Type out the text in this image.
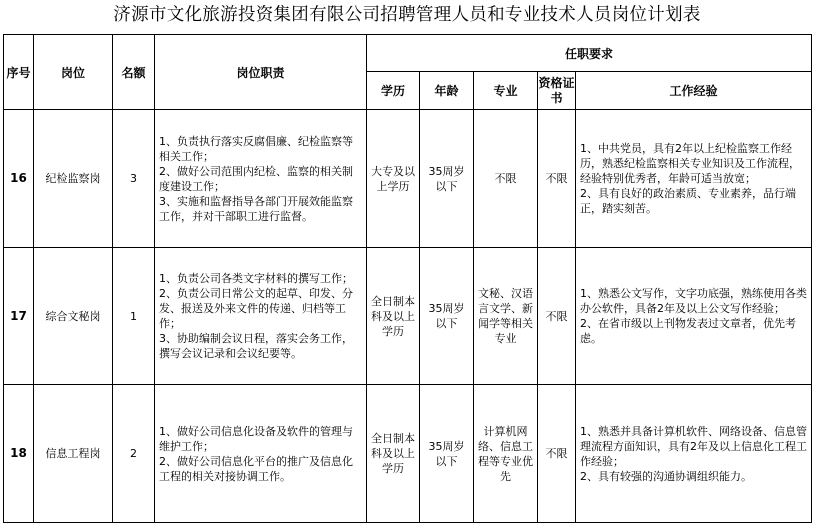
济源市文化旅游投资集团有限公司招聘管理人员和专业技术人员岗位计划表
序号	岗位	名额	岗位职责	任职要求				
				学历	年龄	专业	资格证书	工作经验
16	纪检监察岗	3	1、负责执行落实反腐倡廉、纪检监察等相关工作；
2、做好公司范围内纪检、监察的相关制度建设工作；
3、实施和监督指导各部门开展效能监察工作，并对干部职工进行监督。	大专及以上学历	35周岁以下	不限	不限	1、中共党员，具有2年以上纪检监察工作经历，熟悉纪检监察相关专业知识及工作流程，经验特别优秀者，年龄可适当放宽；
2、具有良好的政治素质、专业素养，品行端正，踏实刻苦。

17	综合文秘岗	1	1、负责公司各类文字材料的撰写工作；
2、负责公司日常公文的起草、印发、分发、报送及外来文件的传递、归档等工作；
3、协助编制会议日程，落实会务工作，撰写会议记录和会议纪要等。	全日制本科及以上学历	35周岁以下	文秘、汉语言文学、新闻学等相关专业	不限	1、熟悉公文写作，文字功底强，熟练使用各类办公软件，具备2年及以上公文写作经验；
2、在省市级以上刊物发表过文章者，优先考虑。

18	信息工程岗	2	1、做好公司信息化设备及软件的管理与维护工作；
2、做好公司信息化平台的推广及信息化工程的相关对接协调工作。	全日制本科及以上学历	35周岁以下	计算机网络、信息工程等专业优先	不限	1、熟悉并具备计算机软件、网络设备、信息管理流程方面知识，具有2年及以上信息化工程工作经验；
2、具有较强的沟通协调组织能力。
